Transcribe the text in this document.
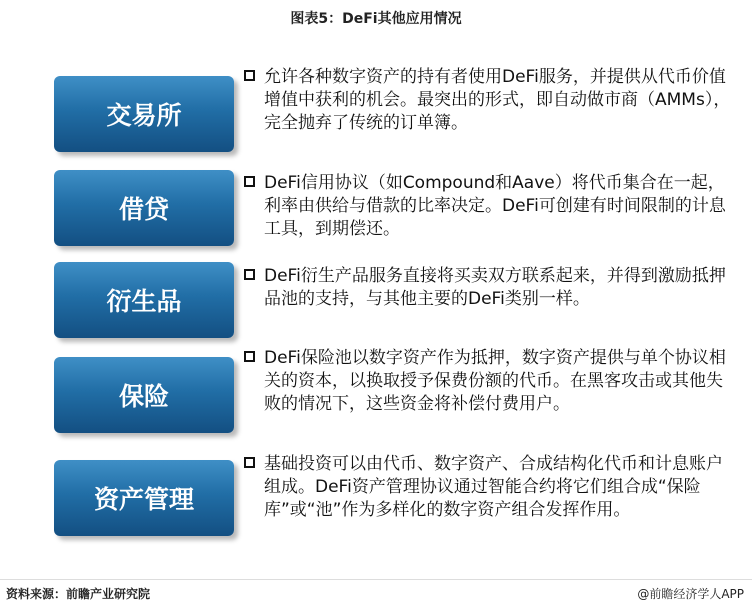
图表5：DeFi其他应用情况
交易所
允许各种数字资产的持有者使用DeFi服务，并提供从代币价值增值中获利的机会。最突出的形式，即自动做市商（AMMs），完全抛弃了传统的订单簿。
借贷
DeFi信用协议（如Compound和Aave）将代币集合在一起，利率由供给与借款的比率决定。DeFi可创建有时间限制的计息工具，到期偿还。
衍生品
DeFi衍生产品服务直接将买卖双方联系起来，并得到激励抵押品池的支持，与其他主要的DeFi类别一样。
保险
DeFi保险池以数字资产作为抵押，数字资产提供与单个协议相关的资本，以换取授予保费份额的代币。在黑客攻击或其他失败的情况下，这些资金将补偿付费用户。
资产管理
基础投资可以由代币、数字资产、合成结构化代币和计息账户组成。DeFi资产管理协议通过智能合约将它们组合成“保险库”或“池”作为多样化的数字资产组合发挥作用。
资料来源：前瞻产业研究院	@前瞻经济学人APP
